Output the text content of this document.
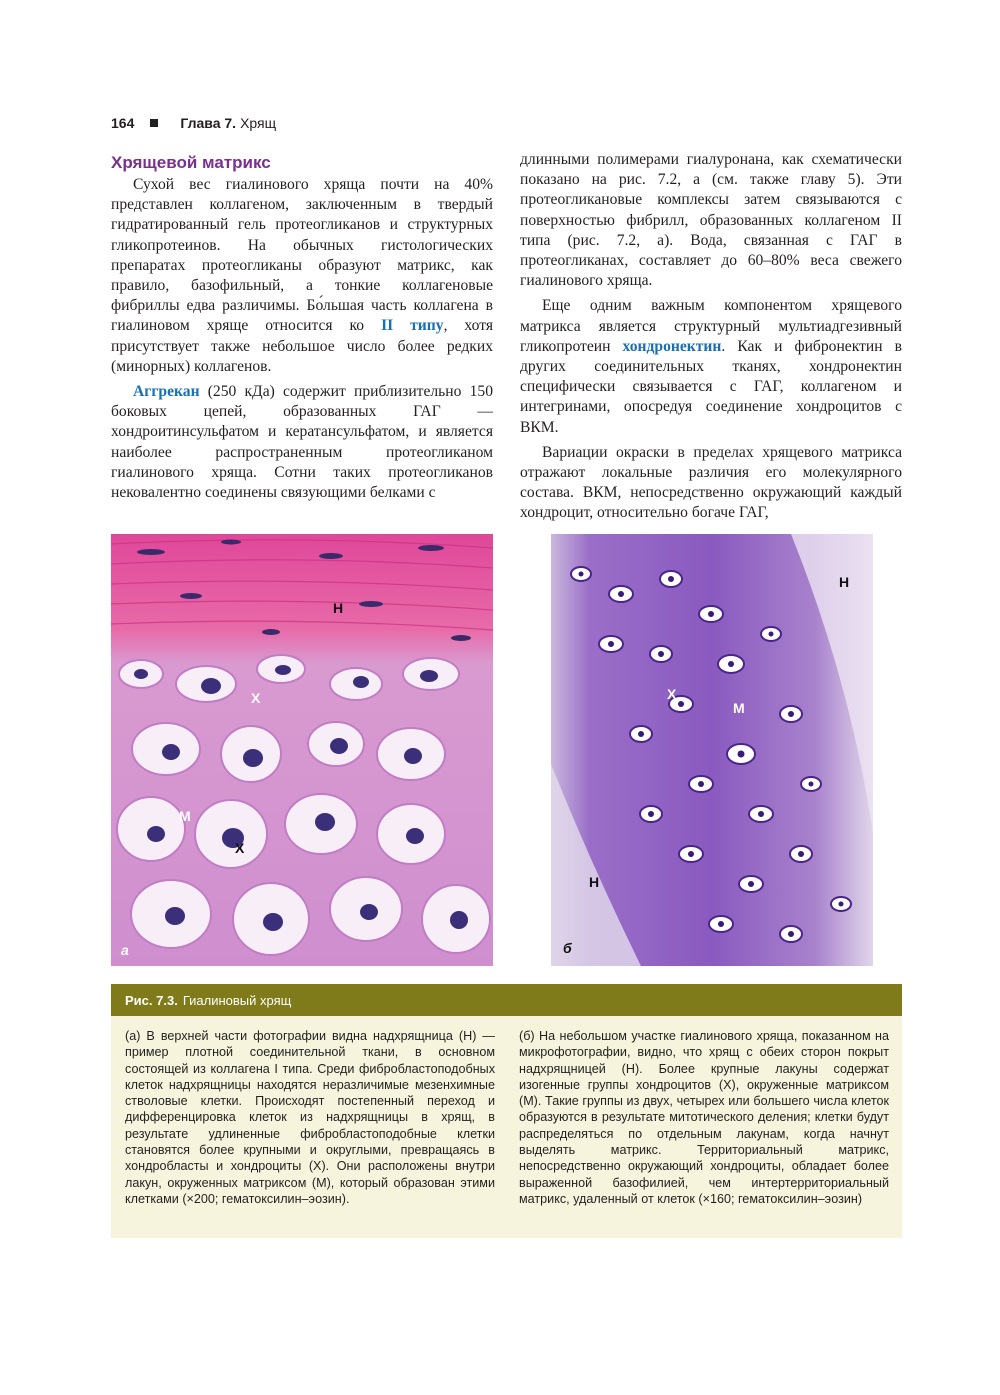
164	Глава 7. Хрящ
Хрящевой матрикс

Сухой вес гиалинового хряща почти на 40% представлен коллагеном, заключенным в твердый гидратированный гель протеогликанов и структурных гликопротеинов. На обычных гистологических препаратах протеогликаны образуют матрикс, как правило, базофильный, а тонкие коллагеновые фибриллы едва различимы. Бо́льшая часть коллагена в гиалиновом хряще относится ко II типу, хотя присутствует также небольшое число более редких (минорных) коллагенов.

Аггрекан (250 кДа) содержит приблизительно 150 боковых цепей, образованных ГАГ — хондроитинсульфатом и кератансульфатом, и является наиболее распространенным протеогликаном гиалинового хряща. Сотни таких протеогликанов нековалентно соединены связующими белками с

длинными полимерами гиалуронана, как схематически показано на рис. 7.2, а (см. также главу 5). Эти протеогликановые комплексы затем связываются с поверхностью фибрилл, образованных коллагеном II типа (рис. 7.2, а). Вода, связанная с ГАГ в протеогликанах, составляет до 60–80% веса свежего гиалинового хряща.

Еще одним важным компонентом хрящевого матрикса является структурный мультиадгезивный гликопротеин хондронектин. Как и фибронектин в других соединительных тканях, хондронектин специфически связывается с ГАГ, коллагеном и интегринами, опосредуя соединение хондроцитов с ВКМ.

Вариации окраски в пределах хрящевого матрикса отражают локальные различия его молекулярного состава. ВКМ, непосредственно окружающий каждый хондроцит, относительно богаче ГАГ,

Н
Х
М
Х
а
Н
Х
М
Н
б
Рис. 7.3. Гиалиновый хрящ
(а) В верхней части фотографии видна надхрящница (Н) — пример плотной соединительной ткани, в основном состоящей из коллагена I типа. Среди фибробластоподобных клеток надхрящницы находятся неразличимые мезенхимные стволовые клетки. Происходят постепенный переход и дифференцировка клеток из надхрящницы в хрящ, в результате удлиненные фибробластоподобные клетки становятся более крупными и округлыми, превращаясь в хондробласты и хондроциты (Х). Они расположены внутри лакун, окруженных матриксом (М), который образован этими клетками (×200; гематоксилин–эозин).
(б) На небольшом участке гиалинового хряща, показанном на микрофотографии, видно, что хрящ с обеих сторон покрыт надхрящницей (Н). Более крупные лакуны содержат изогенные группы хондроцитов (Х), окруженные матриксом (М). Такие группы из двух, четырех или большего числа клеток образуются в результате митотического деления; клетки будут распределяться по отдельным лакунам, когда начнут выделять матрикс. Территориальный матрикс, непосредственно окружающий хондроциты, обладает более выраженной базофилией, чем интертерриториальный матрикс, удаленный от клеток (×160; гематоксилин–эозин)
